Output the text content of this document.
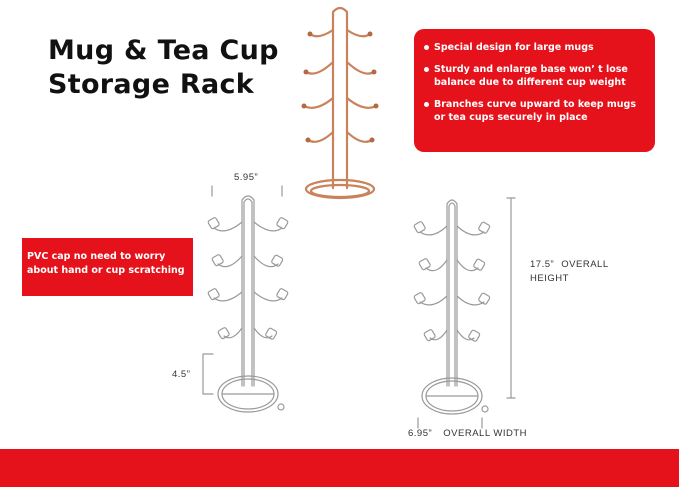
Mug & Tea Cup
Storage Rack
Special design for large mugs
Sturdy and enlarge base won’ t lose balance due to different cup weight
Branches curve upward to keep mugs or tea cups securely in place
5.95”
4.5”
PVC cap no need to worry about hand or cup scratching
17.5” OVERALL
HEIGHT
6.95” OVERALL WIDTH
